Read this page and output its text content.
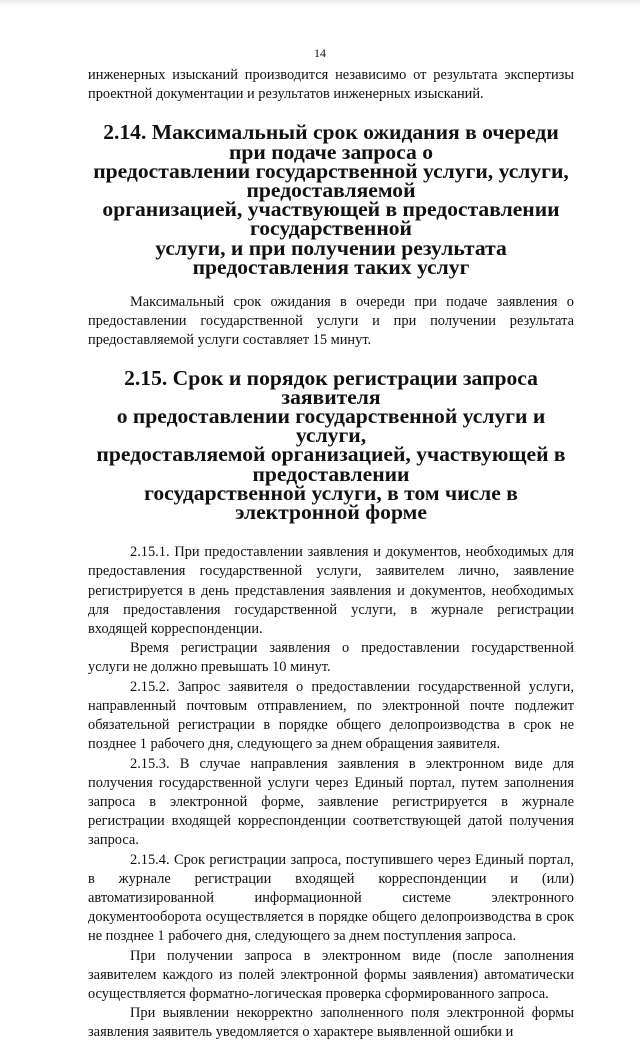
14

инженерных изысканий производится независимо от результата экспертизы проектной документации и результатов инженерных изысканий.

2.14. Максимальный срок ожидания в очереди при подаче запроса о
предоставлении государственной услуги, услуги, предоставляемой
организацией, участвующей в предоставлении государственной
услуги, и при получении результата предоставления таких услуг

Максимальный срок ожидания в очереди при подаче заявления о предоставлении государственной услуги и при получении результата предоставляемой услуги составляет 15 минут.

2.15. Срок и порядок регистрации запроса заявителя
о предоставлении государственной услуги и услуги,
предоставляемой организацией, участвующей в предоставлении
государственной услуги, в том числе в электронной форме

2.15.1. При предоставлении заявления и документов, необходимых для предоставления государственной услуги, заявителем лично, заявление регистрируется в день представления заявления и документов, необходимых для предоставления государственной услуги, в журнале регистрации входящей корреспонденции.

Время регистрации заявления о предоставлении государственной услуги не должно превышать 10 минут.

2.15.2. Запрос заявителя о предоставлении государственной услуги, направленный почтовым отправлением, по электронной почте подлежит обязательной регистрации в порядке общего делопроизводства в срок не позднее 1 рабочего дня, следующего за днем обращения заявителя.

2.15.3. В случае направления заявления в электронном виде для получения государственной услуги через Единый портал, путем заполнения запроса в электронной форме, заявление регистрируется в журнале регистрации входящей корреспонденции соответствующей датой получения запроса.

2.15.4. Срок регистрации запроса, поступившего через Единый портал, в журнале регистрации входящей корреспонденции и (или) автоматизированной информационной системе электронного документооборота осуществляется в порядке общего делопроизводства в срок не позднее 1 рабочего дня, следующего за днем поступления запроса.

При получении запроса в электронном виде (после заполнения заявителем каждого из полей электронной формы заявления) автоматически осуществляется форматно-логическая проверка сформированного запроса.

При выявлении некорректно заполненного поля электронной формы заявления заявитель уведомляется о характере выявленной ошибки и
